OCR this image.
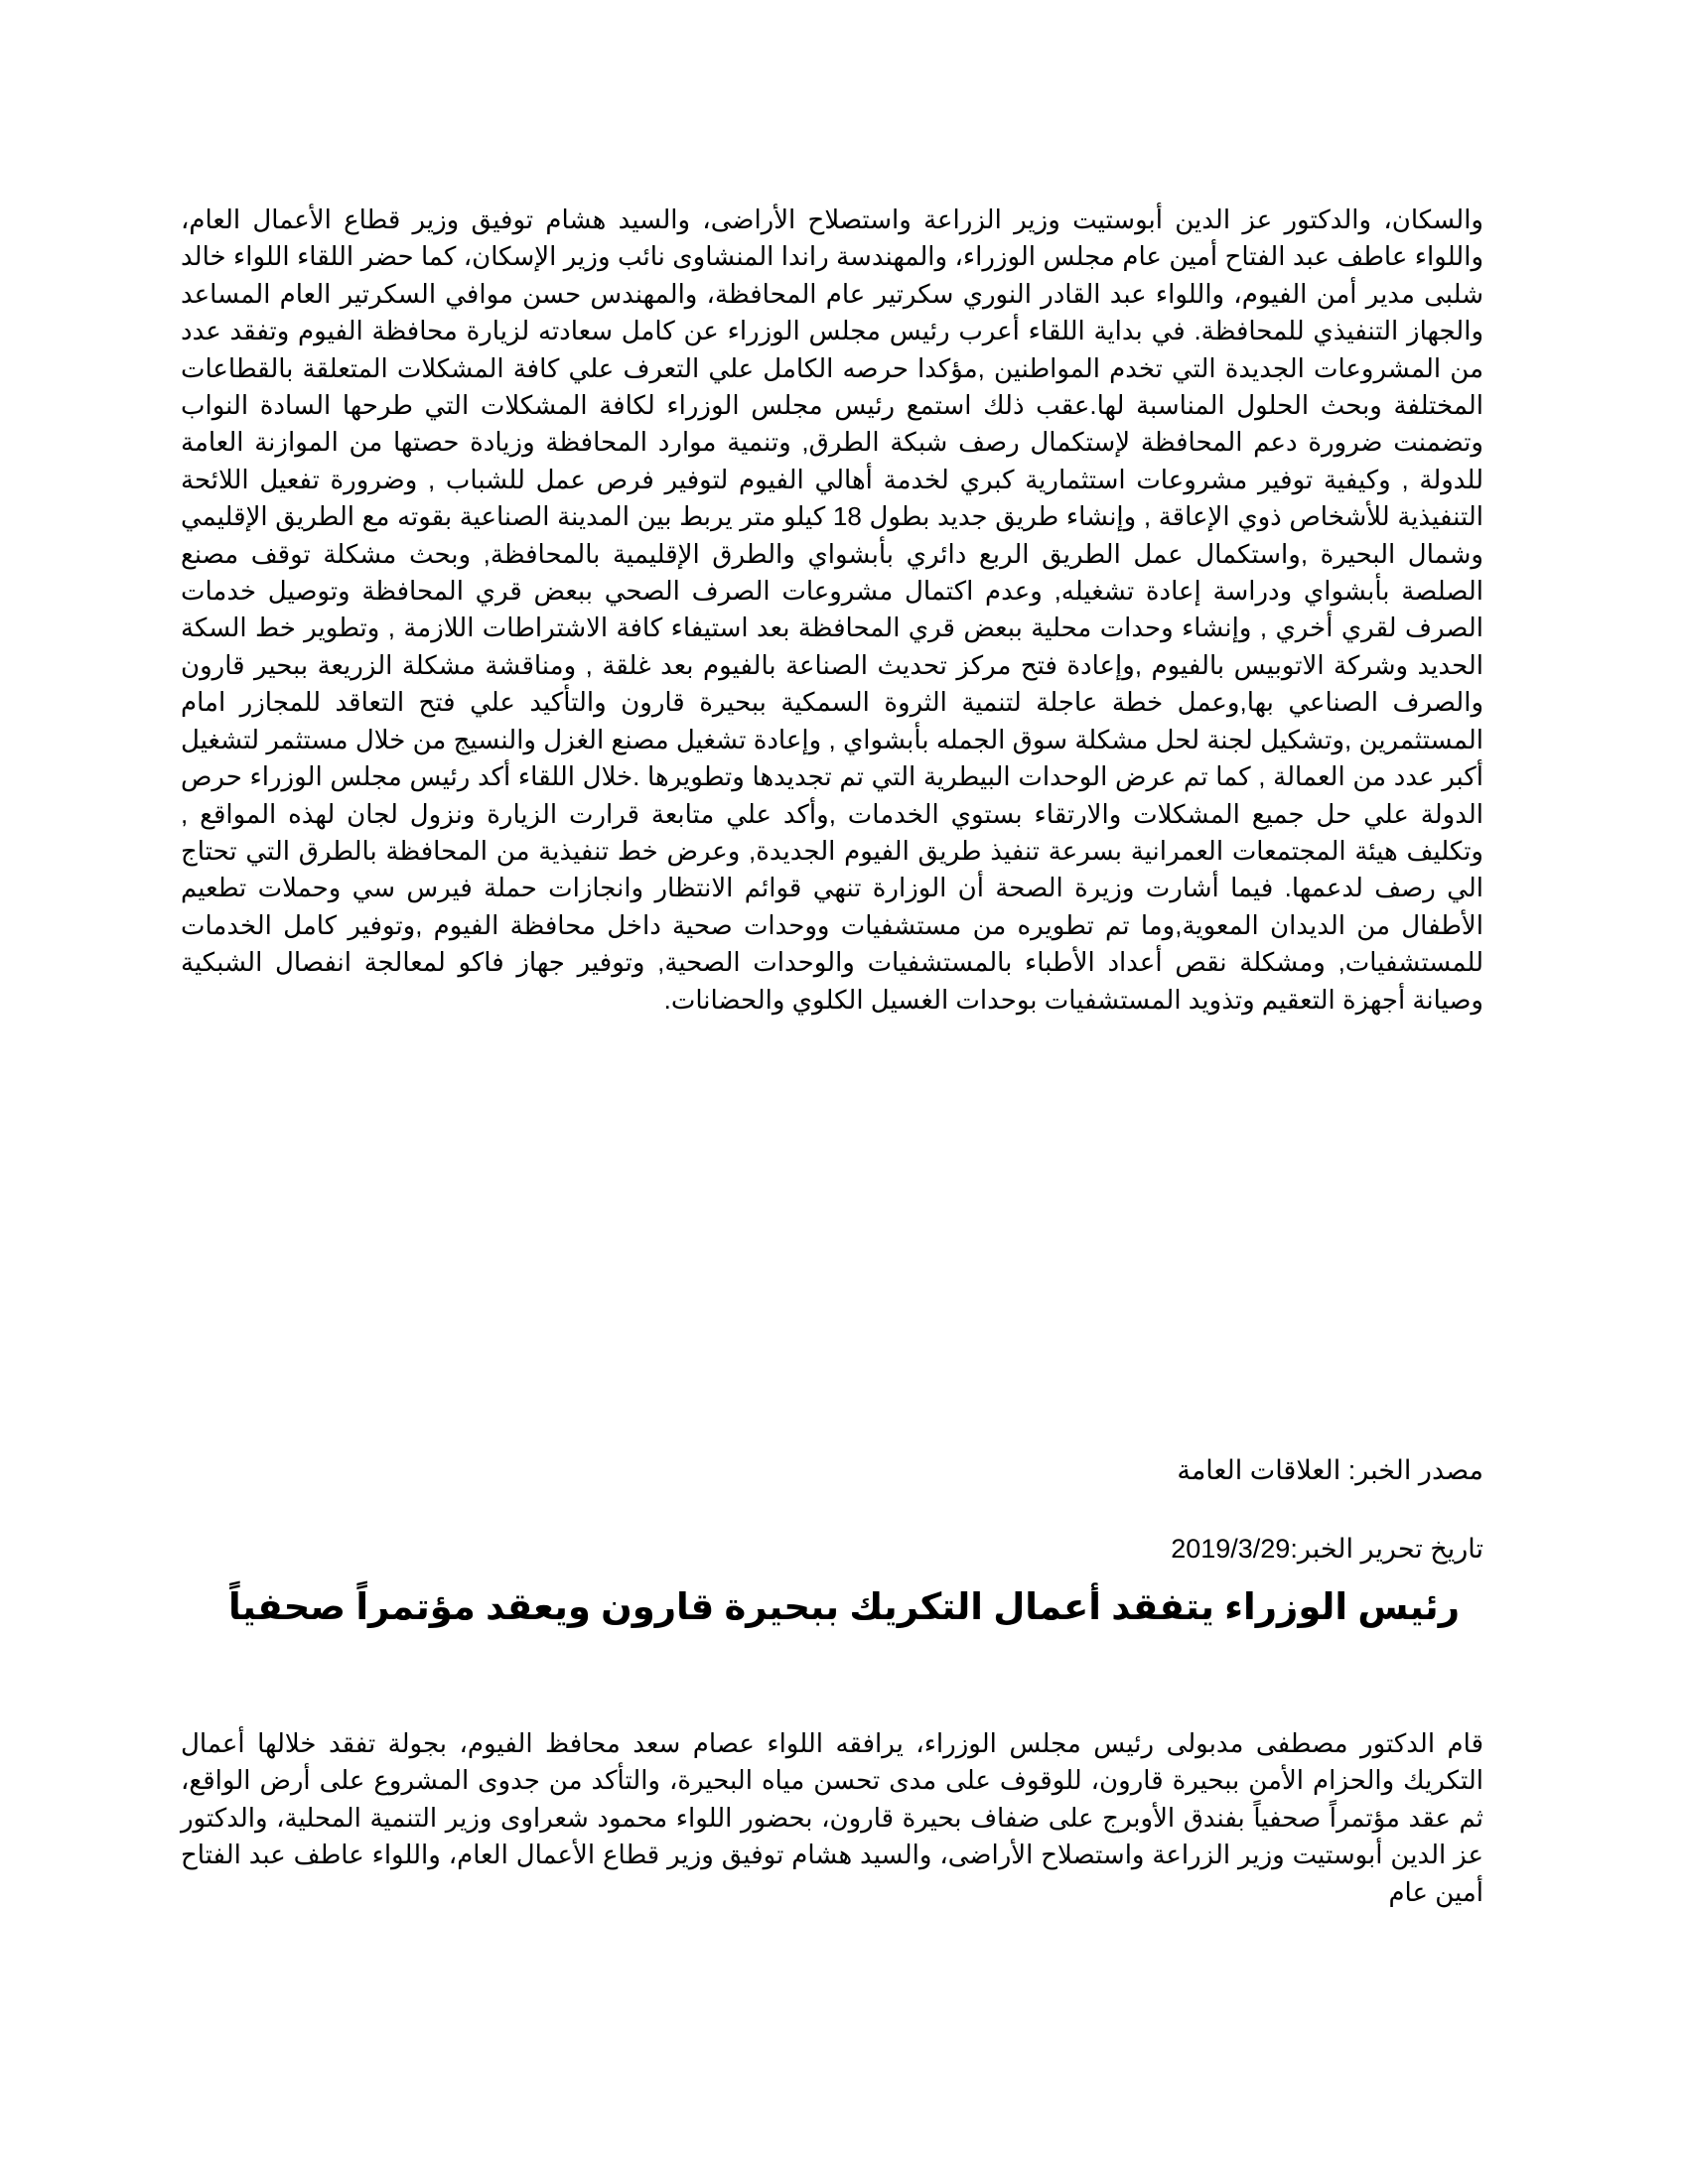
والسكان، والدكتور عز الدين أبوستيت وزير الزراعة واستصلاح الأراضى، والسيد هشام توفيق وزير قطاع الأعمال العام، واللواء عاطف عبد الفتاح أمين عام مجلس الوزراء، والمهندسة راندا المنشاوى نائب وزير الإسكان، كما حضر اللقاء اللواء خالد شلبى مدير أمن الفيوم، واللواء عبد القادر النوري سكرتير عام المحافظة، والمهندس حسن موافي السكرتير العام المساعد والجهاز التنفيذي للمحافظة. في بداية اللقاء أعرب رئيس مجلس الوزراء عن كامل سعادته لزيارة محافظة الفيوم وتفقد عدد من المشروعات الجديدة التي تخدم المواطنين ,مؤكدا حرصه الكامل علي التعرف علي كافة المشكلات المتعلقة بالقطاعات المختلفة وبحث الحلول المناسبة لها.عقب ذلك استمع رئيس مجلس الوزراء لكافة المشكلات التي طرحها السادة النواب وتضمنت ضرورة دعم المحافظة لإستكمال رصف شبكة الطرق, وتنمية موارد المحافظة وزيادة حصتها من الموازنة العامة للدولة , وكيفية توفير مشروعات استثمارية كبري لخدمة أهالي الفيوم لتوفير فرص عمل للشباب , وضرورة تفعيل اللائحة التنفيذية للأشخاص ذوي الإعاقة , وإنشاء طريق جديد بطول 18 كيلو متر يربط بين المدينة الصناعية بقوته مع الطريق الإقليمي وشمال البحيرة ,واستكمال عمل الطريق الربع دائري بأبشواي والطرق الإقليمية بالمحافظة, وبحث مشكلة توقف مصنع الصلصة بأبشواي ودراسة إعادة تشغيله, وعدم اكتمال مشروعات الصرف الصحي ببعض قري المحافظة وتوصيل خدمات الصرف لقري أخري , وإنشاء وحدات محلية ببعض قري المحافظة بعد استيفاء كافة الاشتراطات اللازمة , وتطوير خط السكة الحديد وشركة الاتوبيس بالفيوم ,وإعادة فتح مركز تحديث الصناعة بالفيوم بعد غلقة , ومناقشة مشكلة الزريعة ببحير قارون والصرف الصناعي بها,وعمل خطة عاجلة لتنمية الثروة السمكية ببحيرة قارون والتأكيد علي فتح التعاقد للمجازر امام المستثمرين ,وتشكيل لجنة لحل مشكلة سوق الجمله بأبشواي , وإعادة تشغيل مصنع الغزل والنسيج من خلال مستثمر لتشغيل أكبر عدد من العمالة , كما تم عرض الوحدات البيطرية التي تم تجديدها وتطويرها .خلال اللقاء أكد رئيس مجلس الوزراء حرص الدولة علي حل جميع المشكلات والارتقاء بستوي الخدمات ,وأكد علي متابعة قرارت الزيارة ونزول لجان لهذه المواقع , وتكليف هيئة المجتمعات العمرانية بسرعة تنفيذ طريق الفيوم الجديدة, وعرض خط تنفيذية من المحافظة بالطرق التي تحتاج الي رصف لدعمها. فيما أشارت وزيرة الصحة أن الوزارة تنهي قوائم الانتظار وانجازات حملة فيرس سي وحملات تطعيم الأطفال من الديدان المعوية,وما تم تطويره من مستشفيات ووحدات صحية داخل محافظة الفيوم ,وتوفير كامل الخدمات للمستشفيات, ومشكلة نقص أعداد الأطباء بالمستشفيات والوحدات الصحية, وتوفير جهاز فاكو لمعالجة انفصال الشبكية وصيانة أجهزة التعقيم وتذويد المستشفيات بوحدات الغسيل الكلوي والحضانات.

مصدر الخبر: العلاقات العامة
تاريخ تحرير الخبر:2019/3/29
رئيس الوزراء يتفقد أعمال التكريك ببحيرة قارون ويعقد مؤتمراً صحفياً

قام الدكتور مصطفى مدبولى رئيس مجلس الوزراء، يرافقه اللواء عصام سعد محافظ الفيوم، بجولة تفقد خلالها أعمال التكريك والحزام الأمن ببحيرة قارون، للوقوف على مدى تحسن مياه البحيرة، والتأكد من جدوى المشروع على أرض الواقع، ثم عقد مؤتمراً صحفياً بفندق الأوبرج على ضفاف بحيرة قارون، بحضور اللواء محمود شعراوى وزير التنمية المحلية، والدكتور عز الدين أبوستيت وزير الزراعة واستصلاح الأراضى، والسيد هشام توفيق وزير قطاع الأعمال العام، واللواء عاطف عبد الفتاح أمين عام
